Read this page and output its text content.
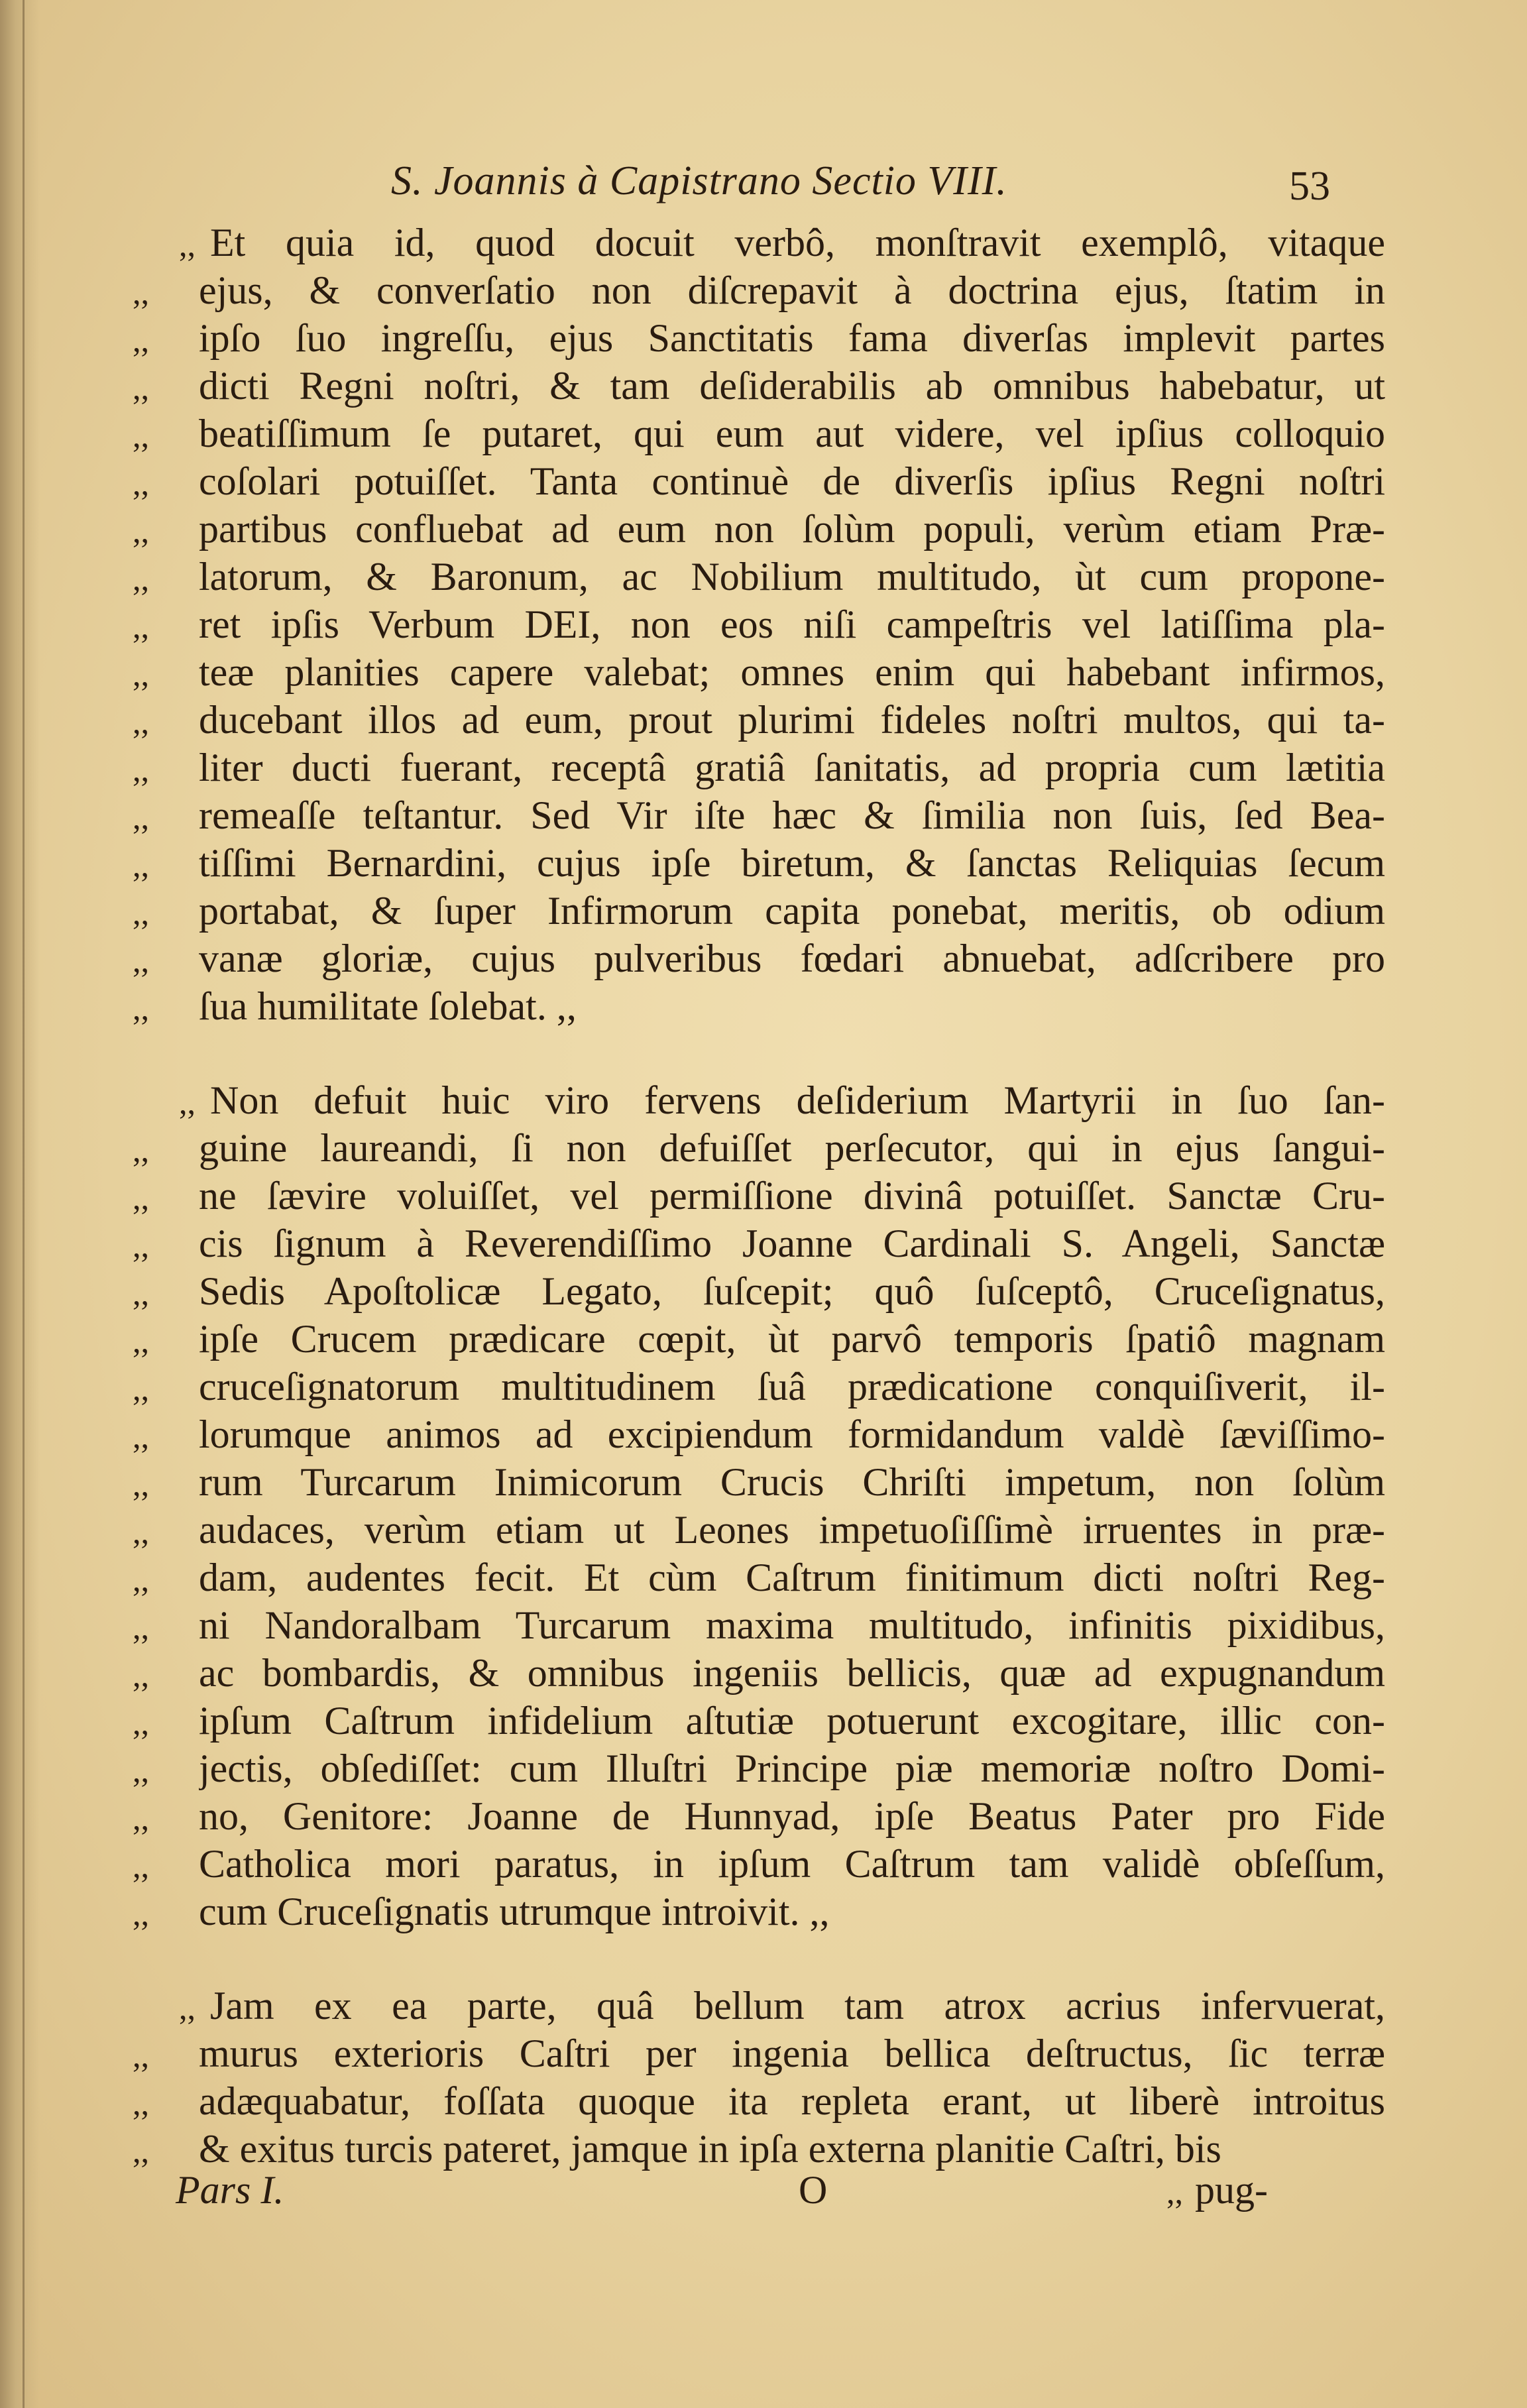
S. Joannis à Capistrano Sectio VIII.	53
,, Et quia id, quod docuit verbô, monſtravit exemplô, vitaque
,,	ejus, & converſatio non diſcrepavit à doctrina ejus, ſtatim in
,,	ipſo ſuo ingreſſu, ejus Sanctitatis fama diverſas implevit partes
,,	dicti Regni noſtri, & tam deſiderabilis ab omnibus habebatur, ut
,,	beatiſſimum ſe putaret, qui eum aut videre, vel ipſius colloquio
,,	coſolari potuiſſet. Tanta continuè de diverſis ipſius Regni noſtri
,,	partibus confluebat ad eum non ſolùm populi, verùm etiam Præ-
,,	latorum, & Baronum, ac Nobilium multitudo, ùt cum propone-
,,	ret ipſis Verbum DEI, non eos niſi campeſtris vel latiſſima pla-
,,	teæ planities capere valebat; omnes enim qui habebant infirmos,
,,	ducebant illos ad eum, prout plurimi fideles noſtri multos, qui ta-
,,	liter ducti fuerant, receptâ gratiâ ſanitatis, ad propria cum lætitia
,,	remeaſſe teſtantur. Sed Vir iſte hæc & ſimilia non ſuis, ſed Bea-
,,	tiſſimi Bernardini, cujus ipſe biretum, & ſanctas Reliquias ſecum
,,	portabat, & ſuper Infirmorum capita ponebat, meritis, ob odium
,,	vanæ gloriæ, cujus pulveribus fœdari abnuebat, adſcribere pro
,,	ſua humilitate ſolebat. ,,
,, Non defuit huic viro fervens deſiderium Martyrii in ſuo ſan-
,,	guine laureandi, ſi non defuiſſet perſecutor, qui in ejus ſangui-
,,	ne ſævire voluiſſet, vel permiſſione divinâ potuiſſet. Sanctæ Cru-
,,	cis ſignum à Reverendiſſimo Joanne Cardinali S. Angeli, Sanctæ
,,	Sedis Apoſtolicæ Legato, ſuſcepit; quô ſuſceptô, Cruceſignatus,
,,	ipſe Crucem prædicare cœpit, ùt parvô temporis ſpatiô magnam
,,	cruceſignatorum multitudinem ſuâ prædicatione conquiſiverit, il-
,,	lorumque animos ad excipiendum formidandum valdè ſæviſſimo-
,,	rum Turcarum Inimicorum Crucis Chriſti impetum, non ſolùm
,,	audaces, verùm etiam ut Leones impetuoſiſſimè irruentes in præ-
,,	dam, audentes fecit. Et cùm Caſtrum finitimum dicti noſtri Reg-
,,	ni Nandoralbam Turcarum maxima multitudo, infinitis pixidibus,
,,	ac bombardis, & omnibus ingeniis bellicis, quæ ad expugnandum
,,	ipſum Caſtrum infidelium aſtutiæ potuerunt excogitare, illic con-
,,	jectis, obſediſſet: cum Illuſtri Principe piæ memoriæ noſtro Domi-
,,	no, Genitore: Joanne de Hunnyad, ipſe Beatus Pater pro Fide
,,	Catholica mori paratus, in ipſum Caſtrum tam validè obſeſſum,
,,	cum Cruceſignatis utrumque introivit. ,,
,, Jam ex ea parte, quâ bellum tam atrox acrius infervuerat,
,,	murus exterioris Caſtri per ingenia bellica deſtructus, ſic terræ
,,	adæquabatur, foſſata quoque ita repleta erant, ut liberè introitus
,,	& exitus turcis pateret, jamque in ipſa externa planitie Caſtri, bis
Pars I.	O	,, pug-
